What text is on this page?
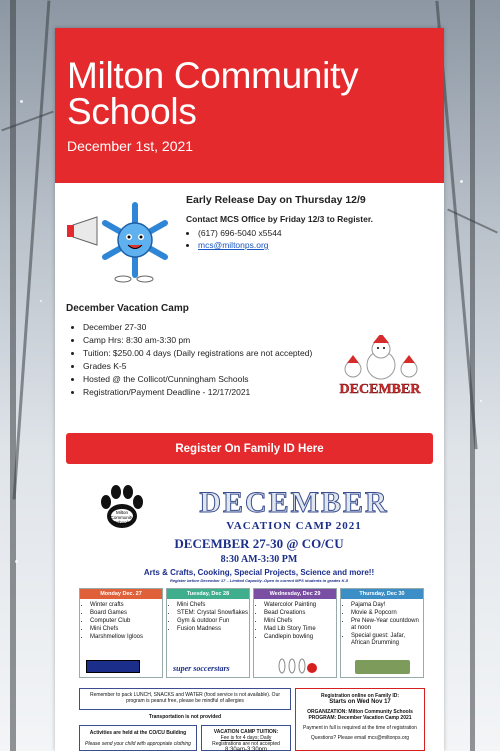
Milton Community Schools
December 1st, 2021
Early Release Day on Thursday 12/9
Contact MCS Office by Friday 12/3 to Register.
• (617) 696-5040 x5544
• mcs@miltonps.org
December Vacation Camp
• December 27-30
• Camp Hrs: 8:30 am-3:30 pm
• Tuition: $250.00 4 days (Daily registrations are not accepted)
• Grades K-5
• Hosted @ the Collicot/Cunningham Schools
• Registration/Payment Deadline - 12/17/2021	DECEMBER
Register On Family ID Here
Milton Community Schools
DECEMBER
VACATION CAMP 2021
DECEMBER 27-30 @ CO/CU
8:30 AM-3:30 PM
Arts & Crafts, Cooking, Special Projects, Science and more!!
Register before December 17 – Limited Capacity–Open to current MPS students in grades K-5
Monday Dec. 27
• Winter crafts
• Board Games
• Computer Club
• Mini Chefs
• Marshmellow Igloos
JEOPARDY!
Tuesday, Dec 28
• Mini Chefs
• STEM: Crystal Snowflakes
• Gym & outdoor Fun
• Fusion Madness
super soccerstars
Wednesday, Dec 29
• Watercolor Painting
• Bead Creations
• Mini Chefs
• Mad Lib Story Time
• Candlepin bowling
Thursday, Dec 30
• Pajama Day!
• Movie & Popcorn
• Pre New-Year countdown at noon
• Special guest: Jafar, African Drumming
Remember to pack LUNCH, SNACKS and WATER (food service is not available). Our program is peanut free, please be mindful of allergies
Transportation is not provided
Activities are held at the CO/CU Building
Please send your child with appropriate clothing
VACATION CAMP TUITION:
Fee is for 4 days; Daily
Registrations are not accepted
8:30am-3:30pm
Registration online on Family ID:
Starts on Wed Nov 17
ORGANIZATION: Milton Community Schools PROGRAM: December Vacation Camp 2021
Payment in full is required at the time of registration
Questions? Please email mcs@miltonps.org
